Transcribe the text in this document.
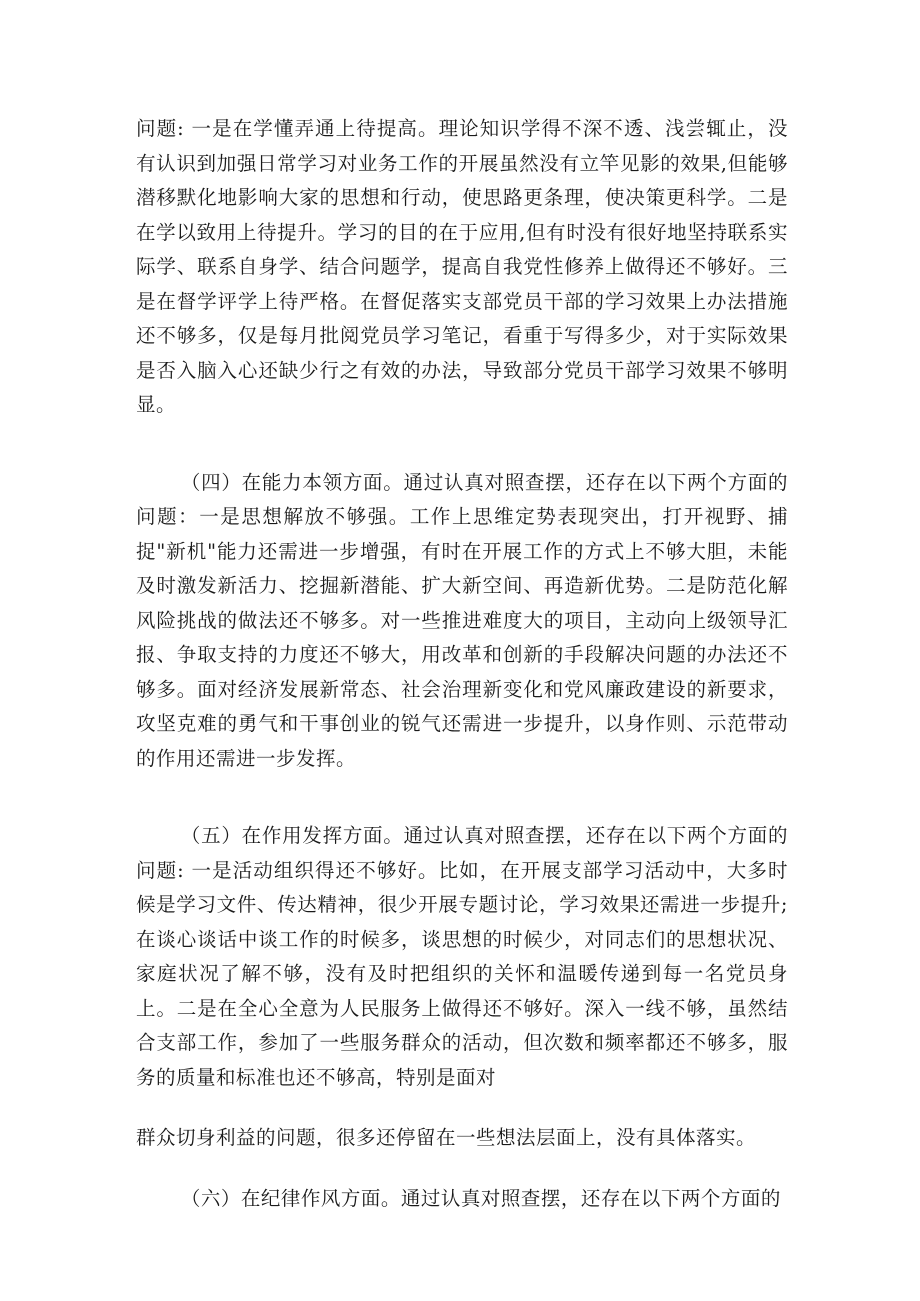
问题: 一是在学懂弄通上待提高。理论知识学得不深不透、浅尝辄止，没有认识到加强日常学习对业务工作的开展虽然没有立竿见影的效果,但能够潜移默化地影响大家的思想和行动，使思路更条理，使决策更科学。二是在学以致用上待提升。学习的目的在于应用,但有时没有很好地坚持联系实际学、联系自身学、结合问题学，提高自我党性修养上做得还不够好。三是在督学评学上待严格。在督促落实支部党员干部的学习效果上办法措施还不够多，仅是每月批阅党员学习笔记，看重于写得多少，对于实际效果是否入脑入心还缺少行之有效的办法，导致部分党员干部学习效果不够明显。

（四）在能力本领方面。通过认真对照查摆，还存在以下两个方面的问题：一是思想解放不够强。工作上思维定势表现突出，打开视野、捕捉"新机"能力还需进一步增强，有时在开展工作的方式上不够大胆，未能及时激发新活力、挖掘新潜能、扩大新空间、再造新优势。二是防范化解风险挑战的做法还不够多。对一些推进难度大的项目，主动向上级领导汇报、争取支持的力度还不够大，用改革和创新的手段解决问题的办法还不够多。面对经济发展新常态、社会治理新变化和党风廉政建设的新要求，攻坚克难的勇气和干事创业的锐气还需进一步提升，以身作则、示范带动的作用还需进一步发挥。

（五）在作用发挥方面。通过认真对照查摆，还存在以下两个方面的问题: 一是活动组织得还不够好。比如，在开展支部学习活动中，大多时候是学习文件、传达精神，很少开展专题讨论，学习效果还需进一步提升; 在谈心谈话中谈工作的时候多，谈思想的时候少，对同志们的思想状况、家庭状况了解不够，没有及时把组织的关怀和温暖传递到每一名党员身上。二是在全心全意为人民服务上做得还不够好。深入一线不够，虽然结合支部工作，参加了一些服务群众的活动，但次数和频率都还不够多，服务的质量和标准也还不够高，特别是面对

群众切身利益的问题，很多还停留在一些想法层面上，没有具体落实。

（六）在纪律作风方面。通过认真对照查摆，还存在以下两个方面的
